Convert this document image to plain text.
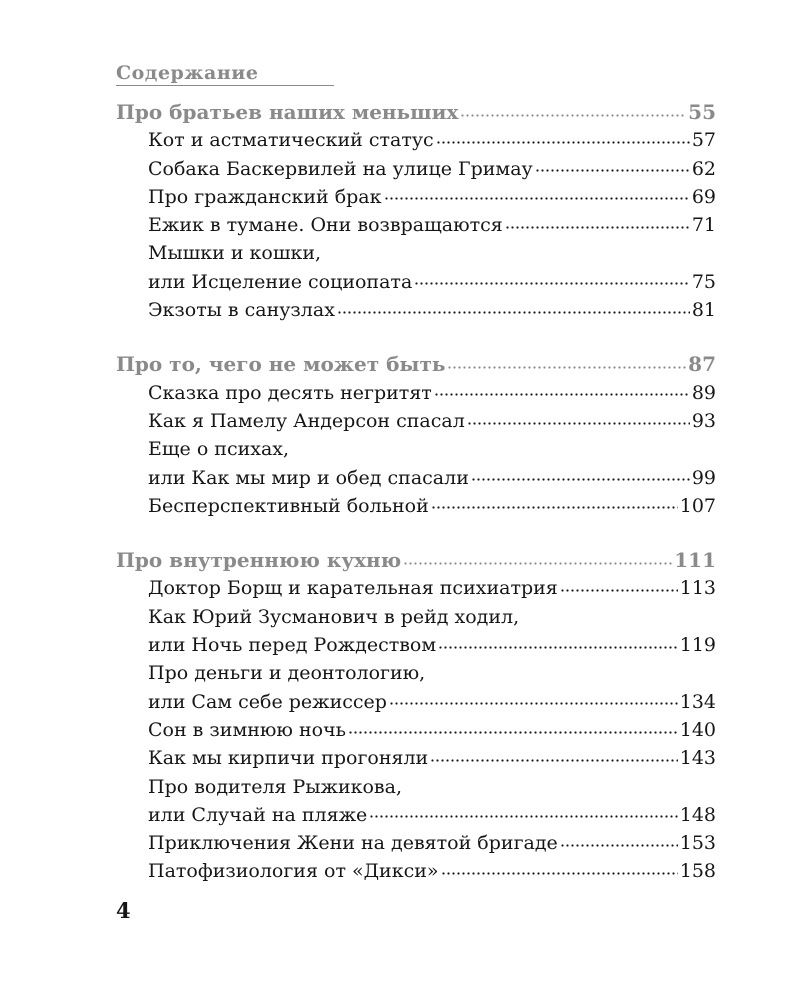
Содержание
Про братьев наших меньших	55
Кот и астматический статус	57
Собака Баскервилей на улице Гримау	62
Про гражданский брак	69
Ежик в тумане. Они возвращаются	71
Мышки и кошки,
или Исцеление социопата	75
Экзоты в санузлах	81
Про то, чего не может быть	87
Сказка про десять негритят	89
Как я Памелу Андерсон спасал	93
Еще о психах,
или Как мы мир и обед спасали	99
Бесперспективный больной	107
Про внутреннюю кухню	111
Доктор Борщ и карательная психиатрия	113
Как Юрий Зусманович в рейд ходил,
или Ночь перед Рождеством	119
Про деньги и деонтологию,
или Сам себе режиссер	134
Сон в зимнюю ночь	140
Как мы кирпичи прогоняли	143
Про водителя Рыжикова,
или Случай на пляже	148
Приключения Жени на девятой бригаде	153
Патофизиология от «Дикси»	158
4
